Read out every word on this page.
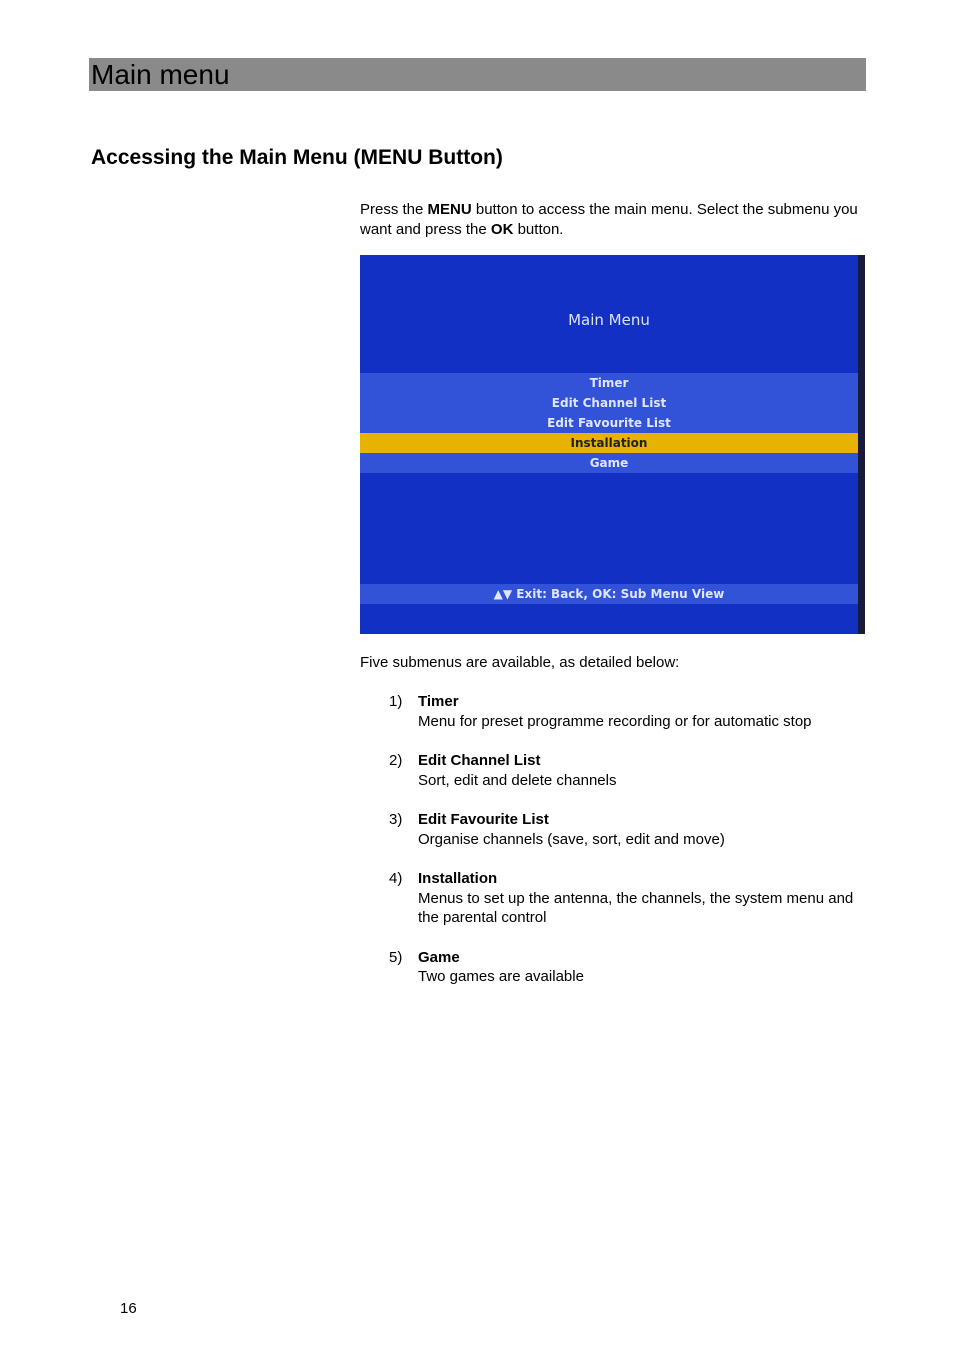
Main menu
Accessing the Main Menu (MENU Button)
Press the MENU button to access the main menu. Select the submenu you want and press the OK button.
Main Menu
Timer
Edit Channel List
Edit Favourite List
Installation
Game
▲▼ Exit: Back, OK: Sub Menu View
Five submenus are available, as detailed below:
1) Timer
Menu for preset programme recording or for automatic stop
2) Edit Channel List
Sort, edit and delete channels
3) Edit Favourite List
Organise channels (save, sort, edit and move)
4) Installation
Menus to set up the antenna, the channels, the system menu and the parental control
5) Game
Two games are available
16
